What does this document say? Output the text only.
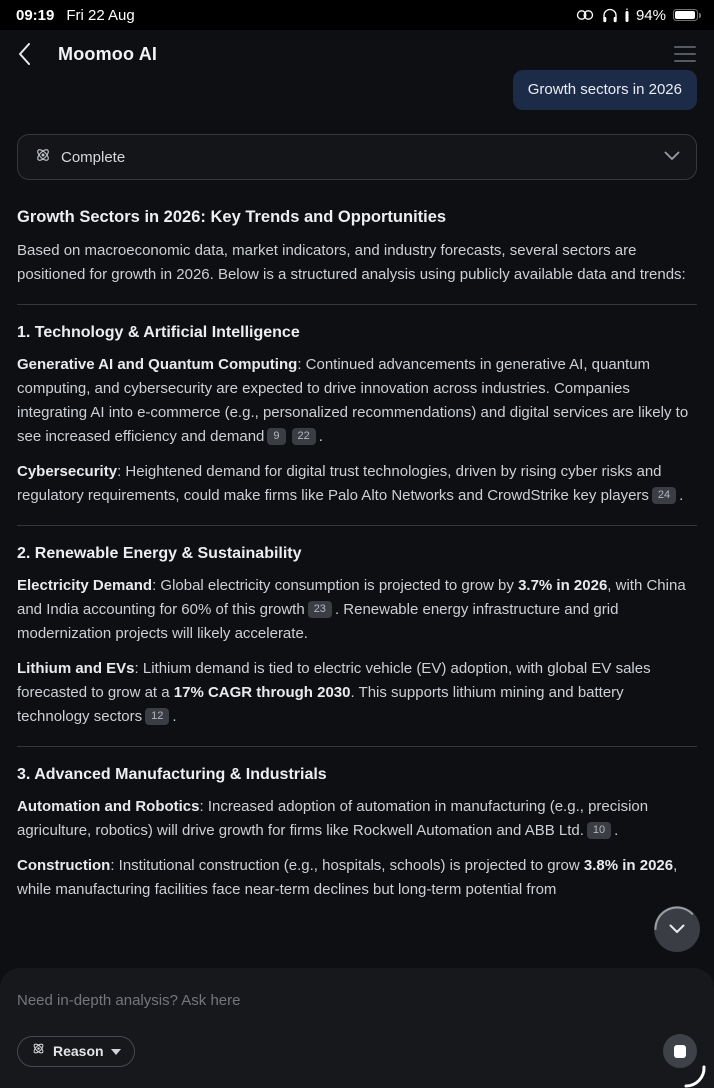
09:19 Fri 22 Aug	94%
Moomoo AI
Growth sectors in 2026
Complete
Growth Sectors in 2026: Key Trends and Opportunities
Based on macroeconomic data, market indicators, and industry forecasts, several sectors are positioned for growth in 2026. Below is a structured analysis using publicly available data and trends:
1. Technology & Artificial Intelligence
Generative AI and Quantum Computing: Continued advancements in generative AI, quantum computing, and cybersecurity are expected to drive innovation across industries. Companies integrating AI into e-commerce (e.g., personalized recommendations) and digital services are likely to see increased efficiency and demand 9 22 .
Cybersecurity: Heightened demand for digital trust technologies, driven by rising cyber risks and regulatory requirements, could make firms like Palo Alto Networks and CrowdStrike key players 24 .
2. Renewable Energy & Sustainability
Electricity Demand: Global electricity consumption is projected to grow by 3.7% in 2026, with China and India accounting for 60% of this growth 23 . Renewable energy infrastructure and grid modernization projects will likely accelerate.
Lithium and EVs: Lithium demand is tied to electric vehicle (EV) adoption, with global EV sales forecasted to grow at a 17% CAGR through 2030. This supports lithium mining and battery technology sectors 12 .
3. Advanced Manufacturing & Industrials
Automation and Robotics: Increased adoption of automation in manufacturing (e.g., precision agriculture, robotics) will drive growth for firms like Rockwell Automation and ABB Ltd. 10 .
Construction: Institutional construction (e.g., hospitals, schools) is projected to grow 3.8% in 2026, while manufacturing facilities face near-term declines but long-term potential from
Need in-depth analysis? Ask here
Reason
